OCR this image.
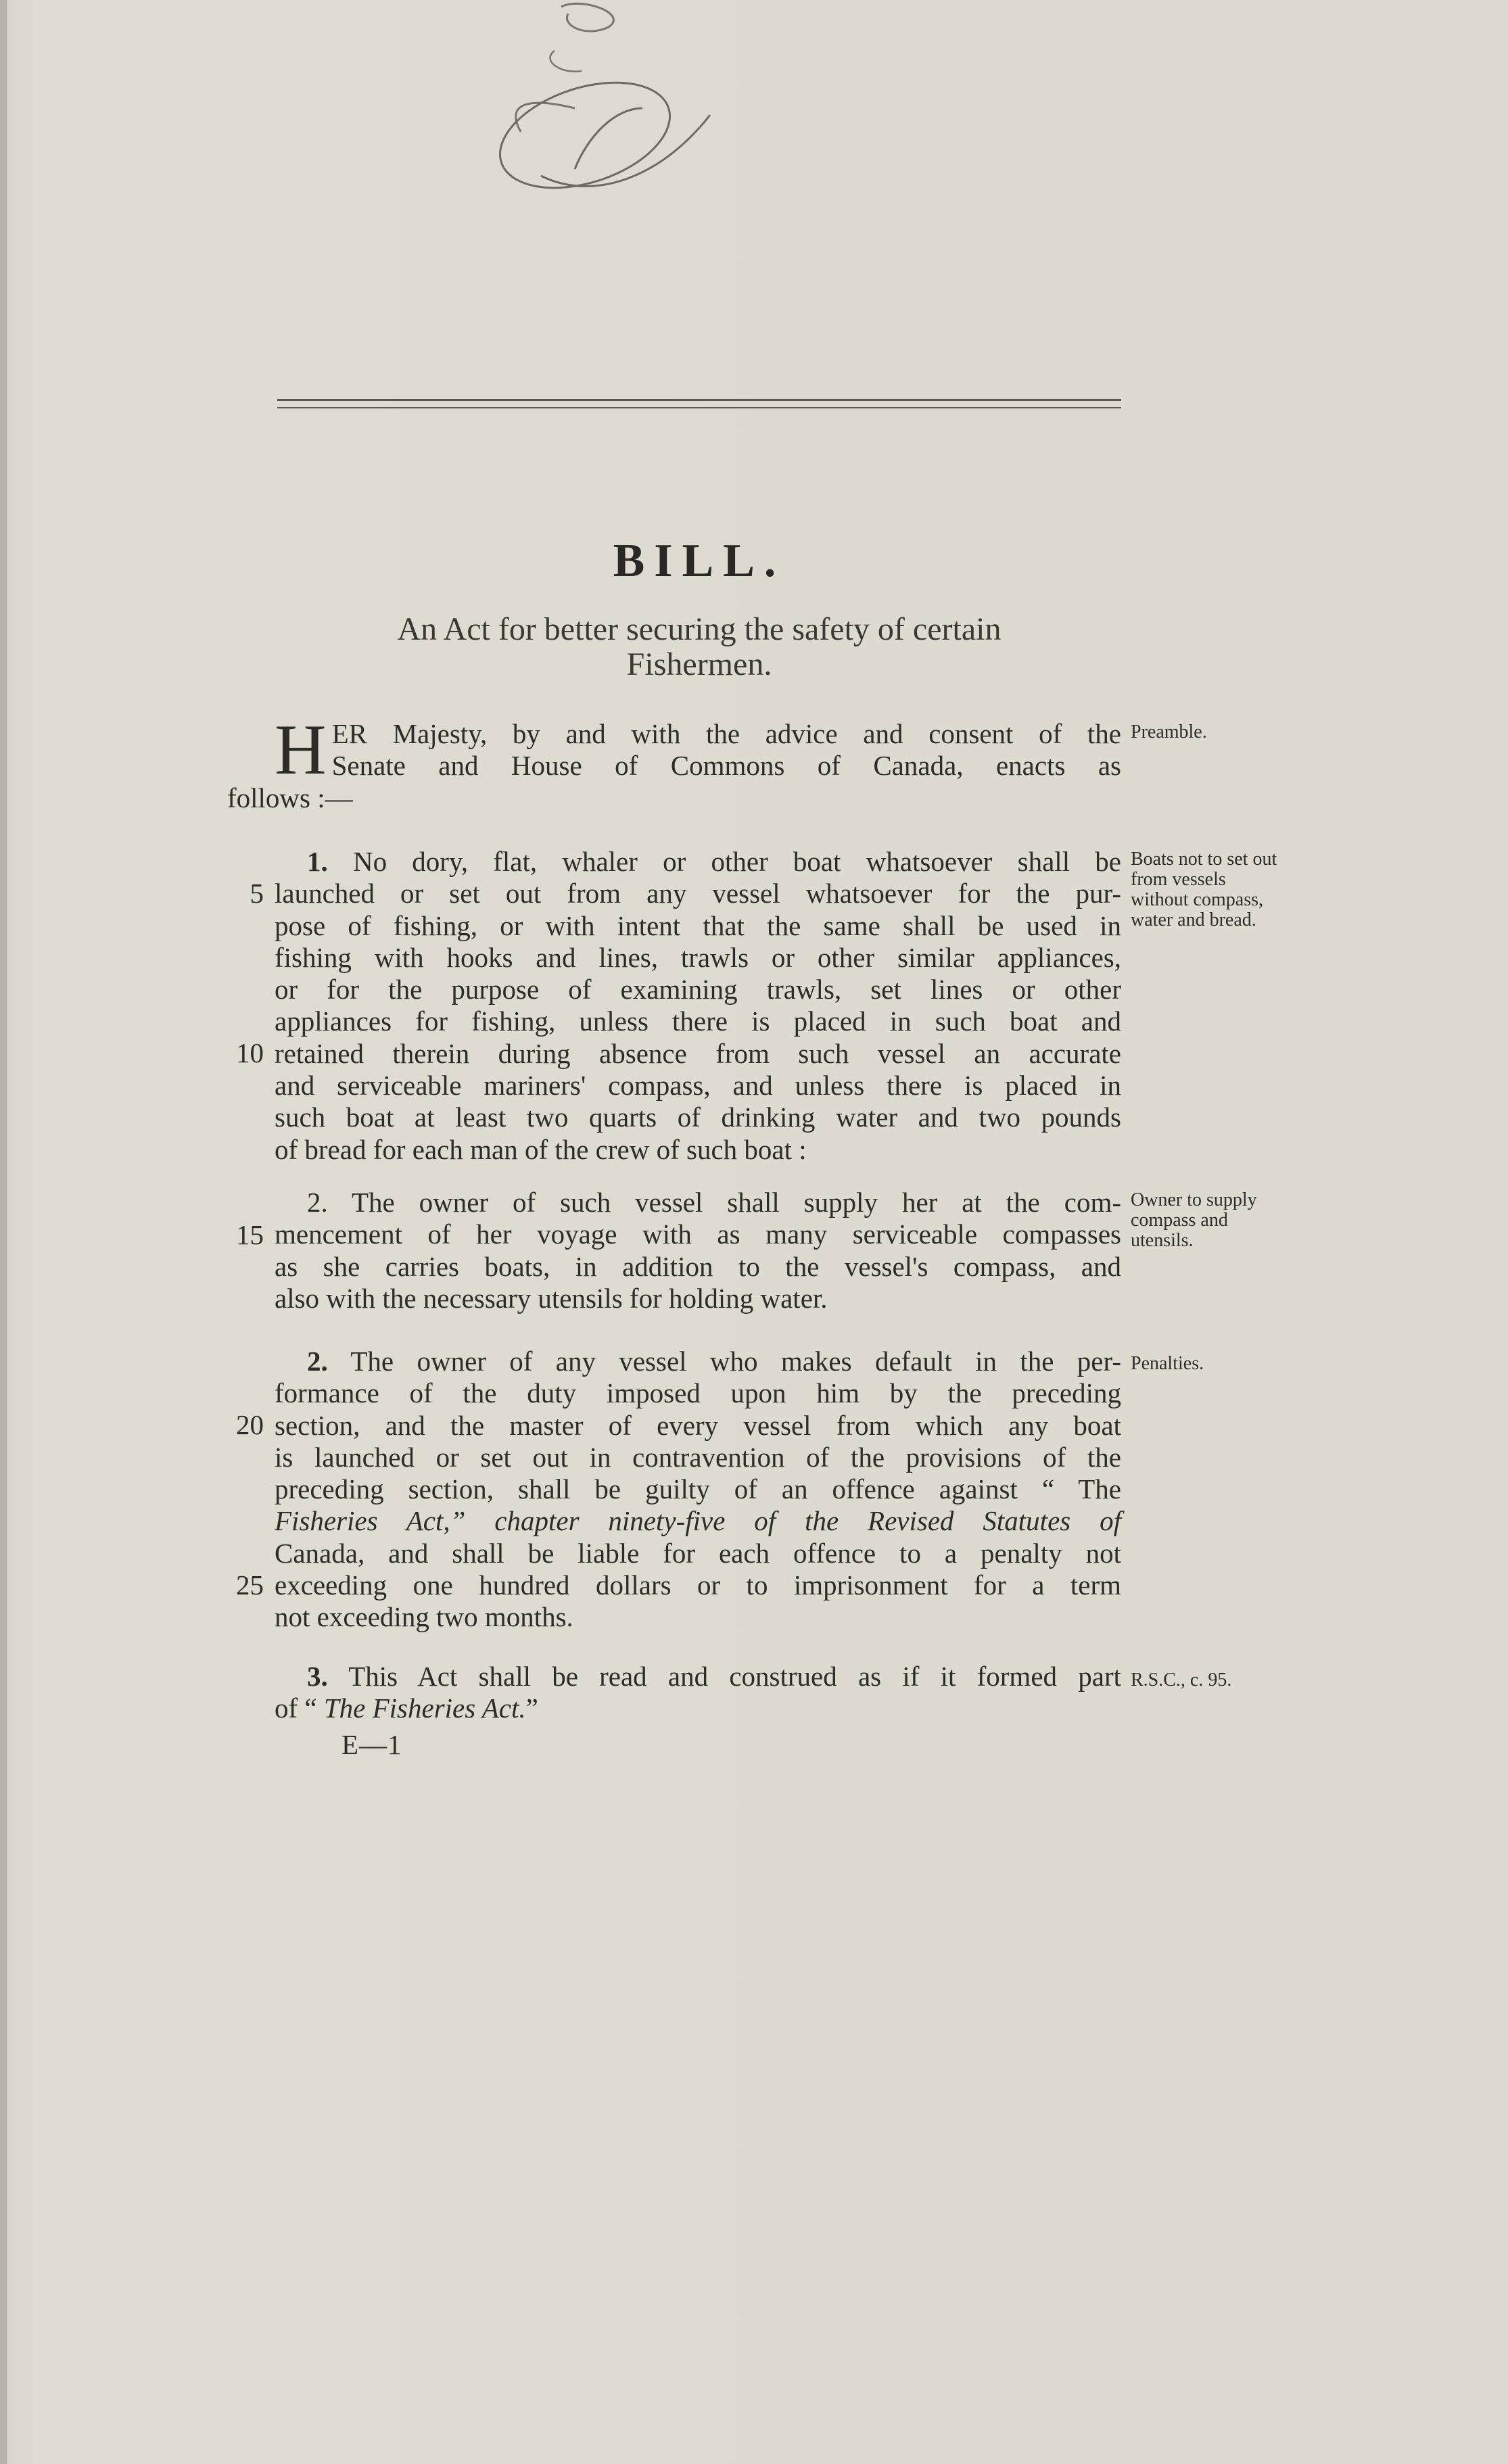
BILL.
An Act for better securing the safety of certain
Fishermen.
H ER Majesty, by and with the advice and consent of the
Senate and House of Commons of Canada, enacts as
follows :—
Preamble.
1. No dory, flat, whaler or other boat whatsoever shall be
launched or set out from any vessel whatsoever for the pur-
pose of fishing, or with intent that the same shall be used in
fishing with hooks and lines, trawls or other similar appliances,
or for the purpose of examining trawls, set lines or other
appliances for fishing, unless there is placed in such boat and
retained therein during absence from such vessel an accurate
and serviceable mariners' compass, and unless there is placed in
such boat at least two quarts of drinking water and two pounds
of bread for each man of the crew of such boat :
Boats not to set out from vessels without compass, water and bread.
2. The owner of such vessel shall supply her at the com-
mencement of her voyage with as many serviceable compasses
as she carries boats, in addition to the vessel's compass, and
also with the necessary utensils for holding water.
Owner to supply compass and utensils.
2. The owner of any vessel who makes default in the per-
formance of the duty imposed upon him by the preceding
section, and the master of every vessel from which any boat
is launched or set out in contravention of the provisions of the
preceding section, shall be guilty of an offence against “ The
Fisheries Act,” chapter ninety-five of the Revised Statutes of
Canada, and shall be liable for each offence to a penalty not
exceeding one hundred dollars or to imprisonment for a term
not exceeding two months.
Penalties.
3. This Act shall be read and construed as if it formed part
of “ The Fisheries Act.”
R.S.C., c. 95.
E—1
5
10
15
20
25
